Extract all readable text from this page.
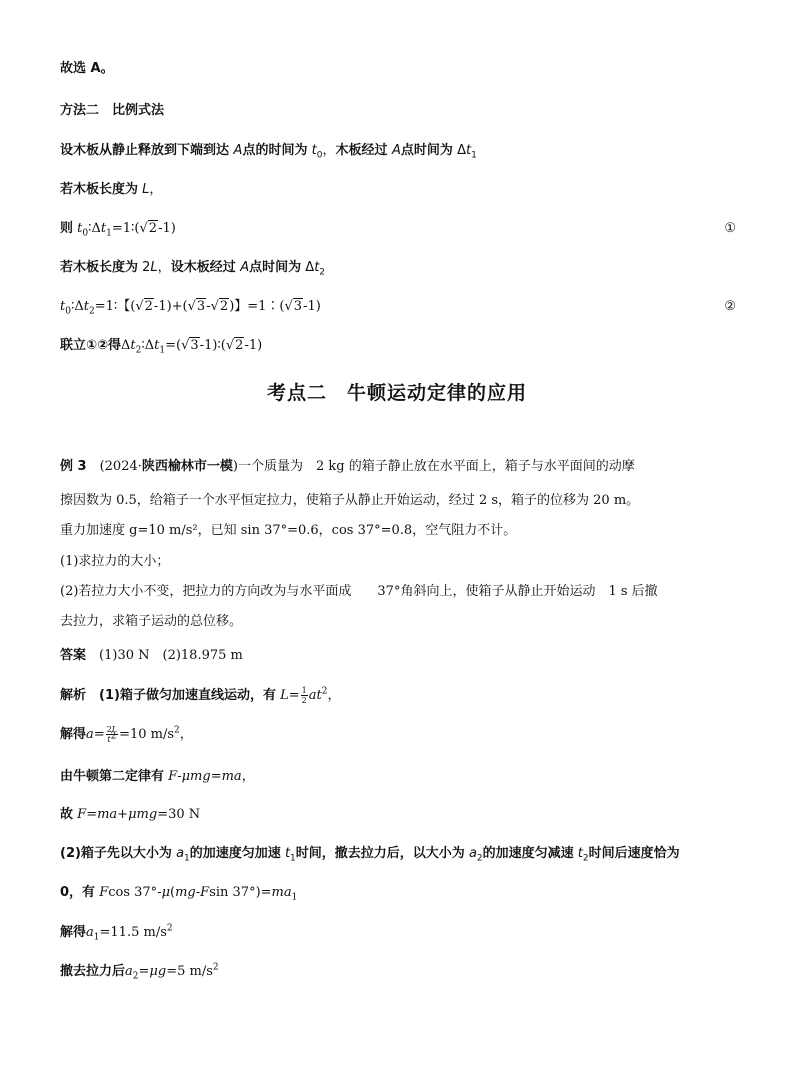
故选 A。
方法二　比例式法
设木板从静止释放到下端到达 A点的时间为 $t_0$，木板经过 A点时间为 $\Delta t_1$
若木板长度为 L，
则 $t_0∶\Delta t_1=1∶(√2-1)$	①
若木板长度为 2L，设木板经过 A点时间为 $\Delta t_2$
$t_0∶\Delta t_2=1∶$【(√2-1)+(√3-√2)】=1∶(√3-1)	②
联立①②得$\Delta t_2∶\Delta t_1=(√3-1)∶(√2-1)$
考点二　牛顿运动定律的应用
例 3　 (2024·陕西榆林市一模)一个质量为　2 kg 的箱子静止放在水平面上，箱子与水平面间的动摩
擦因数为 0.5，给箱子一个水平恒定拉力，使箱子从静止开始运动，经过 2 s，箱子的位移为 20 m。
重力加速度 g=10 m/s²，已知 sin 37°=0.6，cos 37°=0.8，空气阻力不计。
(1)求拉力的大小；
(2)若拉力大小不变，把拉力的方向改为与水平面成　　37°角斜向上，使箱子从静止开始运动　1 s 后撤
去拉力，求箱子运动的总位移。
答案　 (1)30 N　(2)18.975 m
解析　 (1)箱子做匀加速直线运动，有 $L= \frac{1}{2} at^2$，
解得$a= \frac{2L}{t^2} =10$ $m/s^2$，
由牛顿第二定律有 F-μmg=ma，
故 F=ma+μmg=30 N
(2)箱子先以大小为 $a_1$的加速度匀加速 $t_1$时间，撤去拉力后，以大小为 $a_2$的加速度匀减速 $t_2$时间后速度恰为
0，有 Fcos 37°-μ(mg-Fsin $37^\circ)=ma_1$
解得$a_1=11.5$ $m/s^2$
撤去拉力后$a_2=\mu g=5$ $m/s^2$
